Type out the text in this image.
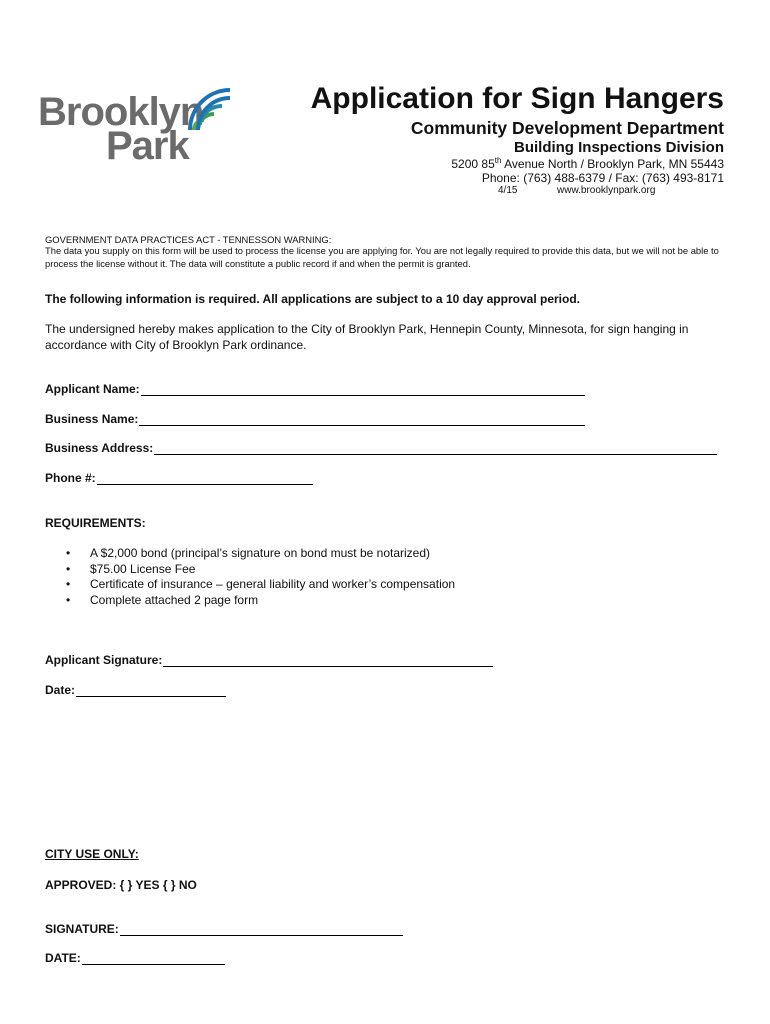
Brooklyn
Park
Application for Sign Hangers
Community Development Department
Building Inspections Division
5200 85th Avenue North / Brooklyn Park, MN 55443
Phone: (763) 488-6379 / Fax: (763) 493-8171
4/15	www.brooklynpark.org
GOVERNMENT DATA PRACTICES ACT - TENNESSON WARNING:
The data you supply on this form will be used to process the license you are applying for. You are not legally required to provide this data, but we will not be able to process the license without it. The data will constitute a public record if and when the permit is granted.
The following information is required. All applications are subject to a 10 day approval period.
The undersigned hereby makes application to the City of Brooklyn Park, Hennepin County, Minnesota, for sign hanging in accordance with City of Brooklyn Park ordinance.
Applicant Name:
Business Name:
Business Address:
Phone #:
REQUIREMENTS:
• A $2,000 bond (principal’s signature on bond must be notarized)
• $75.00 License Fee
• Certificate of insurance – general liability and worker’s compensation
• Complete attached 2 page form
Applicant Signature:
Date:
CITY USE ONLY:
APPROVED: { } YES { } NO
SIGNATURE:
DATE:
